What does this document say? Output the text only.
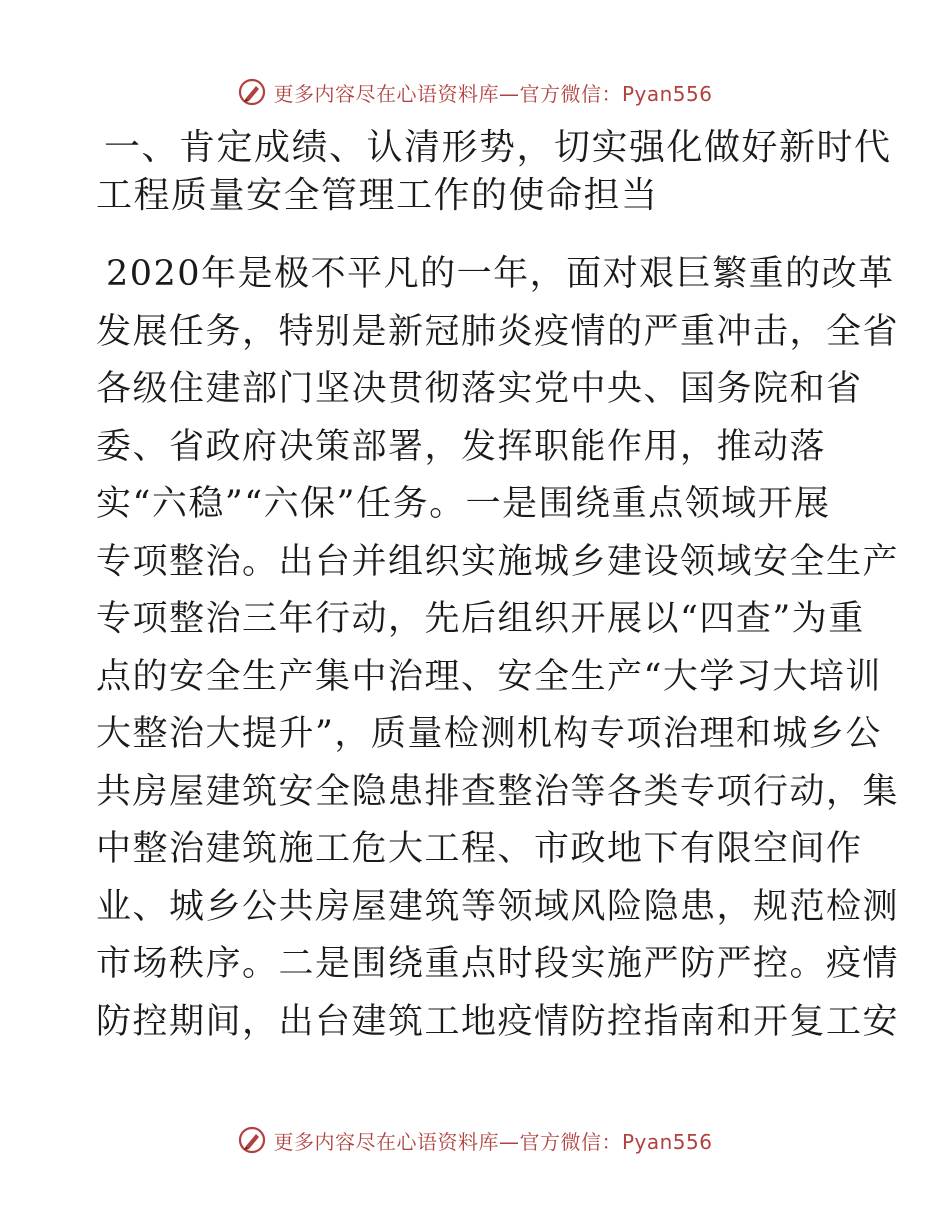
更多内容尽在心语资料库—官方微信：Pyan556
一、肯定成绩、认清形势，切实强化做好新时代
工程质量安全管理工作的使命担当
2020年是极不平凡的一年，面对艰巨繁重的改革
发展任务，特别是新冠肺炎疫情的严重冲击，全省
各级住建部门坚决贯彻落实党中央、国务院和省
委、省政府决策部署，发挥职能作用，推动落
实“六稳”“六保”任务。一是围绕重点领域开展
专项整治。出台并组织实施城乡建设领域安全生产
专项整治三年行动，先后组织开展以“四查”为重
点的安全生产集中治理、安全生产“大学习大培训
大整治大提升”，质量检测机构专项治理和城乡公
共房屋建筑安全隐患排查整治等各类专项行动，集
中整治建筑施工危大工程、市政地下有限空间作
业、城乡公共房屋建筑等领域风险隐患，规范检测
市场秩序。二是围绕重点时段实施严防严控。疫情
防控期间，出台建筑工地疫情防控指南和开复工安
更多内容尽在心语资料库—官方微信：Pyan556
